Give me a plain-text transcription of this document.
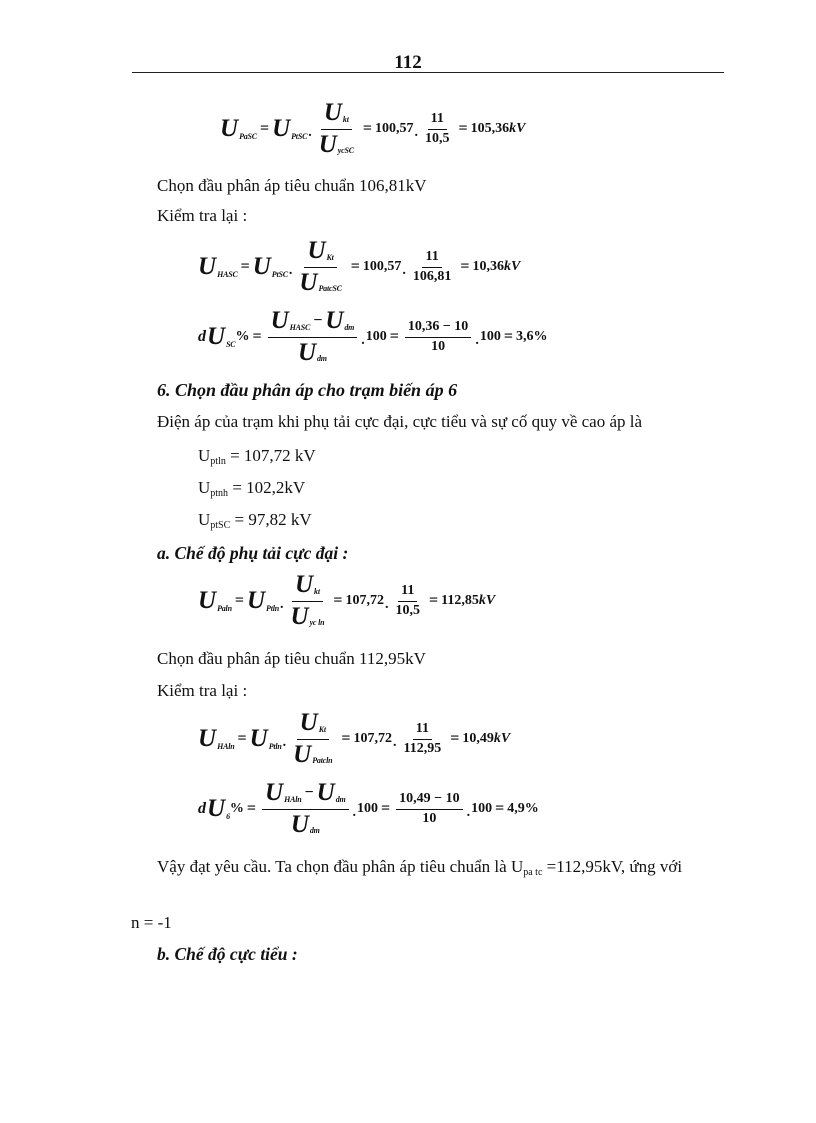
112
U PaSC = U PtSC . $\frac{\text{U kt}}{\text{U ycSC}} = 100,57$ . $\frac{11}{10,5} = 105,36$ kV
Chọn đầu phân áp tiêu chuẩn 106,81kV
Kiểm tra lại :
U HASC = U PtSC . $\frac{\text{U Kt}}{\text{U PatcSC}} = 100,57$ . $\frac{11}{106,81} = 10,36$ kV
d U SC % = $\frac{\text{U HASC − U dm}}{\text{U dm}}$ . $100 = \frac{10,36 - 10}{10}$ . 100 = 3,6%
6. Chọn đầu phân áp cho trạm biến áp 6
Điện áp của trạm khi phụ tải cực đại, cực tiểu và sự cố quy về cao áp là
$U_{ptln} = 107,72$ kV
$U_{ptnh} = 102,2kV$
$U_{ptSC} = 97,82$ kV
a. Chế độ phụ tải cực đại :
U Paln = U Ptln . $\frac{\text{U kt}}{\text{U yc ln}} = 107,72$ . $\frac{11}{10,5} = 112,85$ kV
Chọn đầu phân áp tiêu chuẩn 112,95kV
Kiểm tra lại :
U HAln = U Ptln . $\frac{\text{U Kt}}{\text{U Patcln}} = 107,72$ . $\frac{11}{112,95} = 10,49$ kV
d U 6 % = $\frac{\text{U HAln − U dm}}{\text{U dm}}$ . $100 = \frac{10,49 - 10}{10}$ . 100 = 4,9%
Vậy đạt yêu cầu. Ta chọn đầu phân áp tiêu chuẩn là $U_{pa tc} =112,95kV$, ứng với
n = -1
b. Chế độ cực tiểu :
